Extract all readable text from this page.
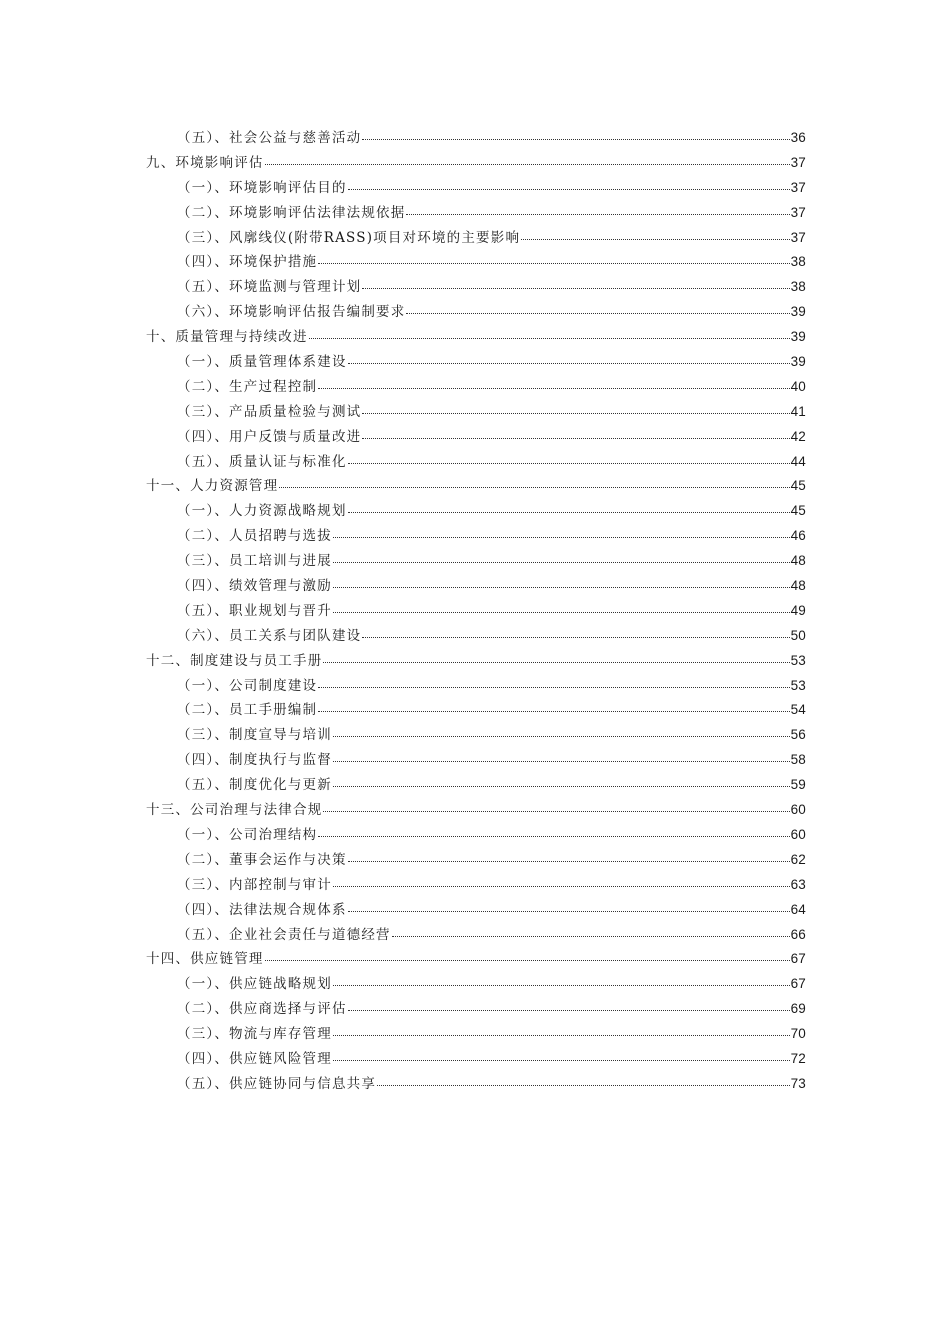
（五）、社会公益与慈善活动	36
九、环境影响评估	37
（一）、环境影响评估目的	37
（二）、环境影响评估法律法规依据	37
（三）、风廓线仪(附带RASS)项目对环境的主要影响	37
（四）、环境保护措施	38
（五）、环境监测与管理计划	38
（六）、环境影响评估报告编制要求	39
十、质量管理与持续改进	39
（一）、质量管理体系建设	39
（二）、生产过程控制	40
（三）、产品质量检验与测试	41
（四）、用户反馈与质量改进	42
（五）、质量认证与标准化	44
十一、人力资源管理	45
（一）、人力资源战略规划	45
（二）、人员招聘与选拔	46
（三）、员工培训与进展	48
（四）、绩效管理与激励	48
（五）、职业规划与晋升	49
（六）、员工关系与团队建设	50
十二、制度建设与员工手册	53
（一）、公司制度建设	53
（二）、员工手册编制	54
（三）、制度宣导与培训	56
（四）、制度执行与监督	58
（五）、制度优化与更新	59
十三、公司治理与法律合规	60
（一）、公司治理结构	60
（二）、董事会运作与决策	62
（三）、内部控制与审计	63
（四）、法律法规合规体系	64
（五）、企业社会责任与道德经营	66
十四、供应链管理	67
（一）、供应链战略规划	67
（二）、供应商选择与评估	69
（三）、物流与库存管理	70
（四）、供应链风险管理	72
（五）、供应链协同与信息共享	73
